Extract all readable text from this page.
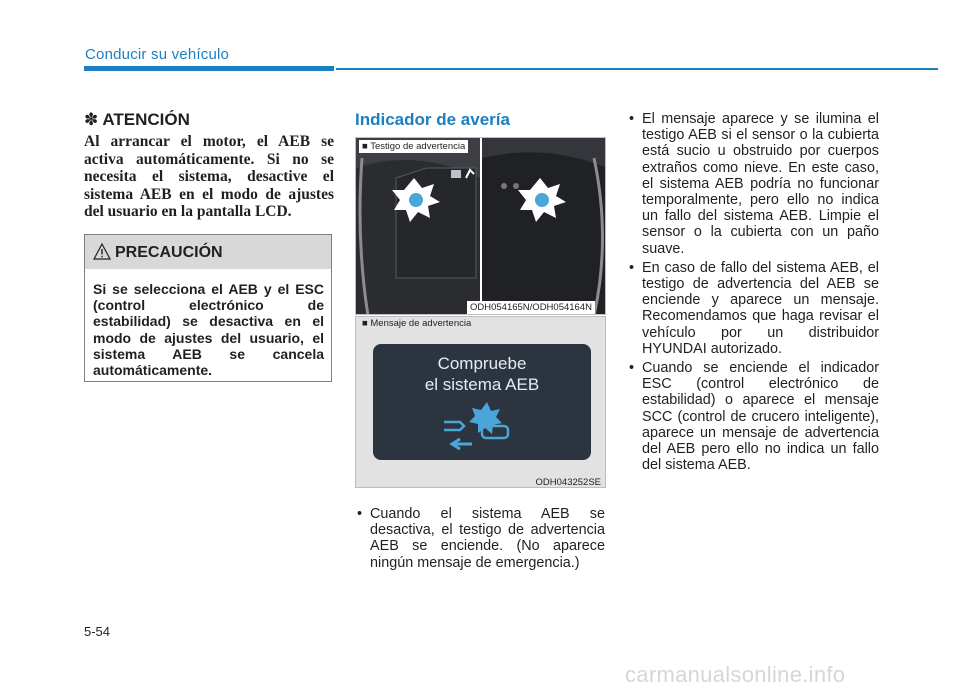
Conducir su vehículo
✽ ATENCIÓN
Al arrancar el motor, el AEB se activa automáticamente. Si no se necesita el sistema, desactive el sistema AEB en el modo de ajustes del usuario en la pantalla LCD.
PRECAUCIÓN
Si se selecciona el AEB y el ESC (control electrónico de estabilidad) se desactiva en el modo de ajustes del usuario, el sistema AEB se cancela automáticamente.
Indicador de avería
■ Testigo de advertencia
ODH054165N/ODH054164N
■ Mensaje de advertencia
Compruebe
el sistema AEB
ODH043252SE
• Cuando el sistema AEB se desactiva, el testigo de advertencia AEB se enciende. (No aparece ningún mensaje de emergencia.)
• El mensaje aparece y se ilumina el testigo AEB si el sensor o la cubierta está sucio u obstruido por cuerpos extraños como nieve. En este caso, el sistema AEB podría no funcionar temporalmente, pero ello no indica un fallo del sistema AEB. Limpie el sensor o la cubierta con un paño suave.
• En caso de fallo del sistema AEB, el testigo de advertencia del AEB se enciende y aparece un mensaje. Recomendamos que haga revisar el vehículo por un distribuidor HYUNDAI autorizado.
• Cuando se enciende el indicador ESC (control electrónico de estabilidad) o aparece el mensaje SCC (control de crucero inteligente), aparece un mensaje de advertencia del AEB pero ello no indica un fallo del sistema AEB.
5-54
carmanualsonline.info
